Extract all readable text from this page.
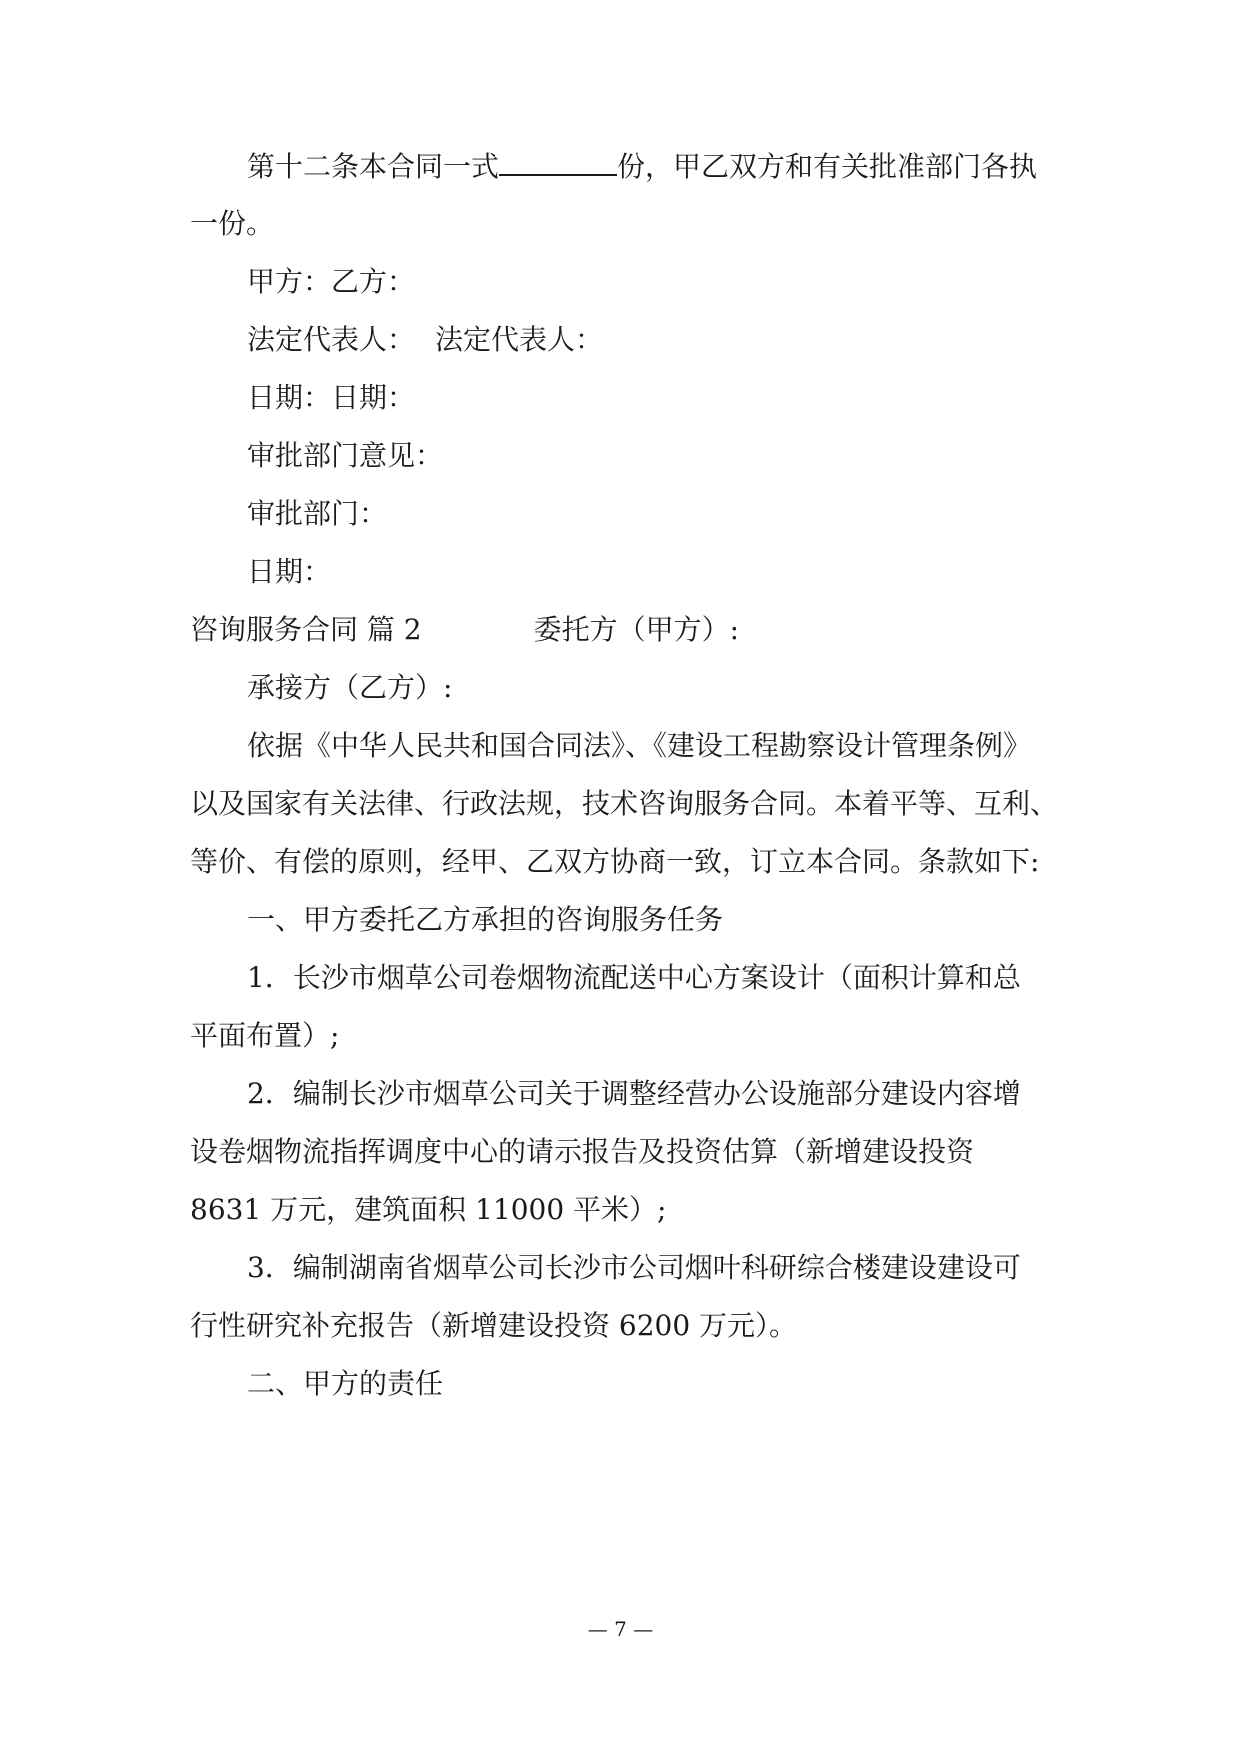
第十二条本合同一式	份，甲乙双方和有关批准部门各执
一份。
甲方：乙方：
法定代表人： 法定代表人：
日期：日期：
审批部门意见：
审批部门：
日期：
咨询服务合同 篇 2	委托方（甲方）:
承接方（乙方）:
依据《中华人民共和国合同法》、《建设工程勘察设计管理条例》
以及国家有关法律、行政法规，技术咨询服务合同。本着平等、互利、
等价、有偿的原则，经甲、乙双方协商一致，订立本合同。条款如下:
一、甲方委托乙方承担的咨询服务任务
1．长沙市烟草公司卷烟物流配送中心方案设计（面积计算和总
平面布置）;
2．编制长沙市烟草公司关于调整经营办公设施部分建设内容增
设卷烟物流指挥调度中心的请示报告及投资估算（新增建设投资
8631 万元，建筑面积 11000 平米）;
3．编制湖南省烟草公司长沙市公司烟叶科研综合楼建设建设可
行性研究补充报告（新增建设投资 6200 万元）。
二、甲方的责任
— 7 —
